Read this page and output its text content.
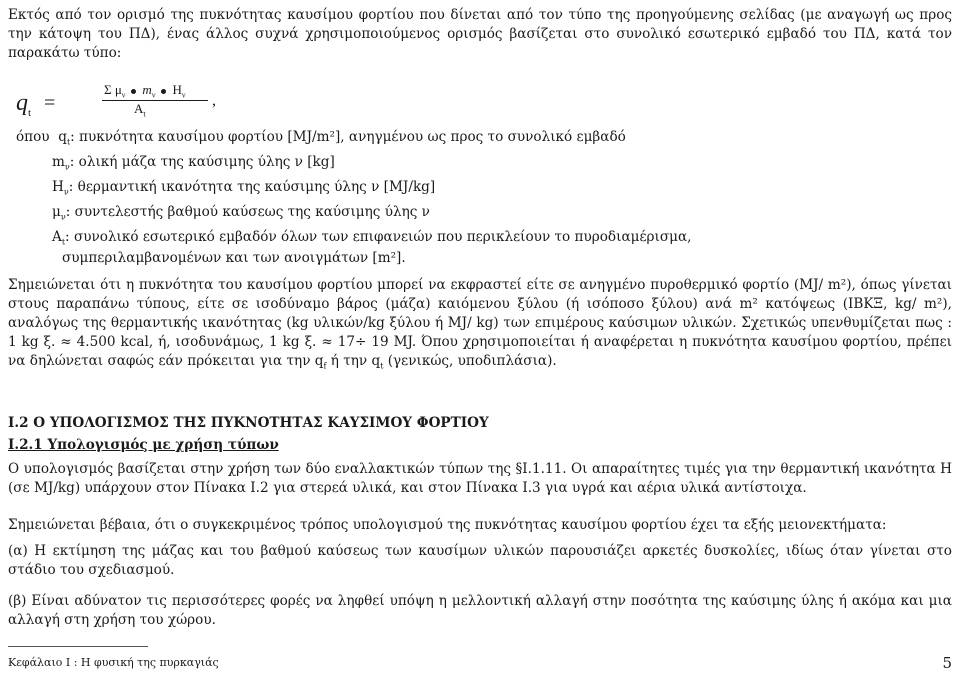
Εκτός από τον ορισμό της πυκνότητας καυσίμου φορτίου που δίνεται από τον τύπο της προηγούμενης σελίδας (με αναγωγή ως προς την κάτοψη του ΠΔ), ένας άλλος συχνά χρησιμοποιούμενος ορισμός βασίζεται στο συνολικό εσωτερικό εμβαδό του ΠΔ, κατά τον παρακάτω τύπο:

$q_t$ =
Σ $\mu_\nu$ $m_\nu$ $H_\nu$
$A_t$
,
όπου $q_t$: πυκνότητα καυσίμου φορτίου [MJ/m²], ανηγμένου ως προς το συνολικό εμβαδό
$m_\nu$: ολική μάζα της καύσιμης ύλης ν [kg]
$H_\nu$: θερμαντική ικανότητα της καύσιμης ύλης ν [MJ/kg]
$\mu_\nu$: συντελεστής βαθμού καύσεως της καύσιμης ύλης ν
$A_t$: συνολικό εσωτερικό εμβαδόν όλων των επιφανειών που περικλείουν το πυροδιαμέρισμα,
συμπεριλαμβανομένων και των ανοιγμάτων [m²].

Σημειώνεται ότι η πυκνότητα του καυσίμου φορτίου μπορεί να εκφραστεί είτε σε ανηγμένο πυροθερμικό φορτίο (MJ/ m²), όπως γίνεται στους παραπάνω τύπους, είτε σε ισοδύναμο βάρος (μάζα) καιόμενου ξύλου (ή ισόποσο ξύλου) ανά m² κατόψεως (ΙΒΚΞ, kg/ m²), αναλόγως της θερμαντικής ικανότητας (kg υλικών/kg ξύλου ή MJ/ kg) των επιμέρους καύσιμων υλικών. Σχετικώς υπενθυμίζεται πως : 1 kg ξ. ≈ 4.500 kcal, ή, ισοδυνάμως, 1 kg ξ. ≈ 17÷ 19 MJ. Όπου χρησιμοποιείται ή αναφέρεται η πυκνότητα καυσίμου φορτίου, πρέπει να δηλώνεται σαφώς εάν πρόκειται για την $q_f$ ή την $q_t$ (γενικώς, υποδιπλάσια).

I.2 Ο ΥΠΟΛΟΓΙΣΜΟΣ ΤΗΣ ΠΥΚΝΟΤΗΤΑΣ ΚΑΥΣΙΜΟΥ ΦΟΡΤΙΟΥ
I.2.1 Υπολογισμός με χρήση τύπων

Ο υπολογισμός βασίζεται στην χρήση των δύο εναλλακτικών τύπων της §I.1.11. Οι απαραίτητες τιμές για την θερμαντική ικανότητα Η (σε MJ/kg) υπάρχουν στον Πίνακα I.2 για στερεά υλικά, και στον Πίνακα I.3 για υγρά και αέρια υλικά αντίστοιχα.

Σημειώνεται βέβαια, ότι ο συγκεκριμένος τρόπος υπολογισμού της πυκνότητας καυσίμου φορτίου έχει τα εξής μειονεκτήματα:

(α) Η εκτίμηση της μάζας και του βαθμού καύσεως των καυσίμων υλικών παρουσιάζει αρκετές δυσκολίες, ιδίως όταν γίνεται στο στάδιο του σχεδιασμού.

(β) Είναι αδύνατον τις περισσότερες φορές να ληφθεί υπόψη η μελλοντική αλλαγή στην ποσότητα της καύσιμης ύλης ή ακόμα και μια αλλαγή στη χρήση του χώρου.

Κεφάλαιο I : Η φυσική της πυρκαγιάς	5
